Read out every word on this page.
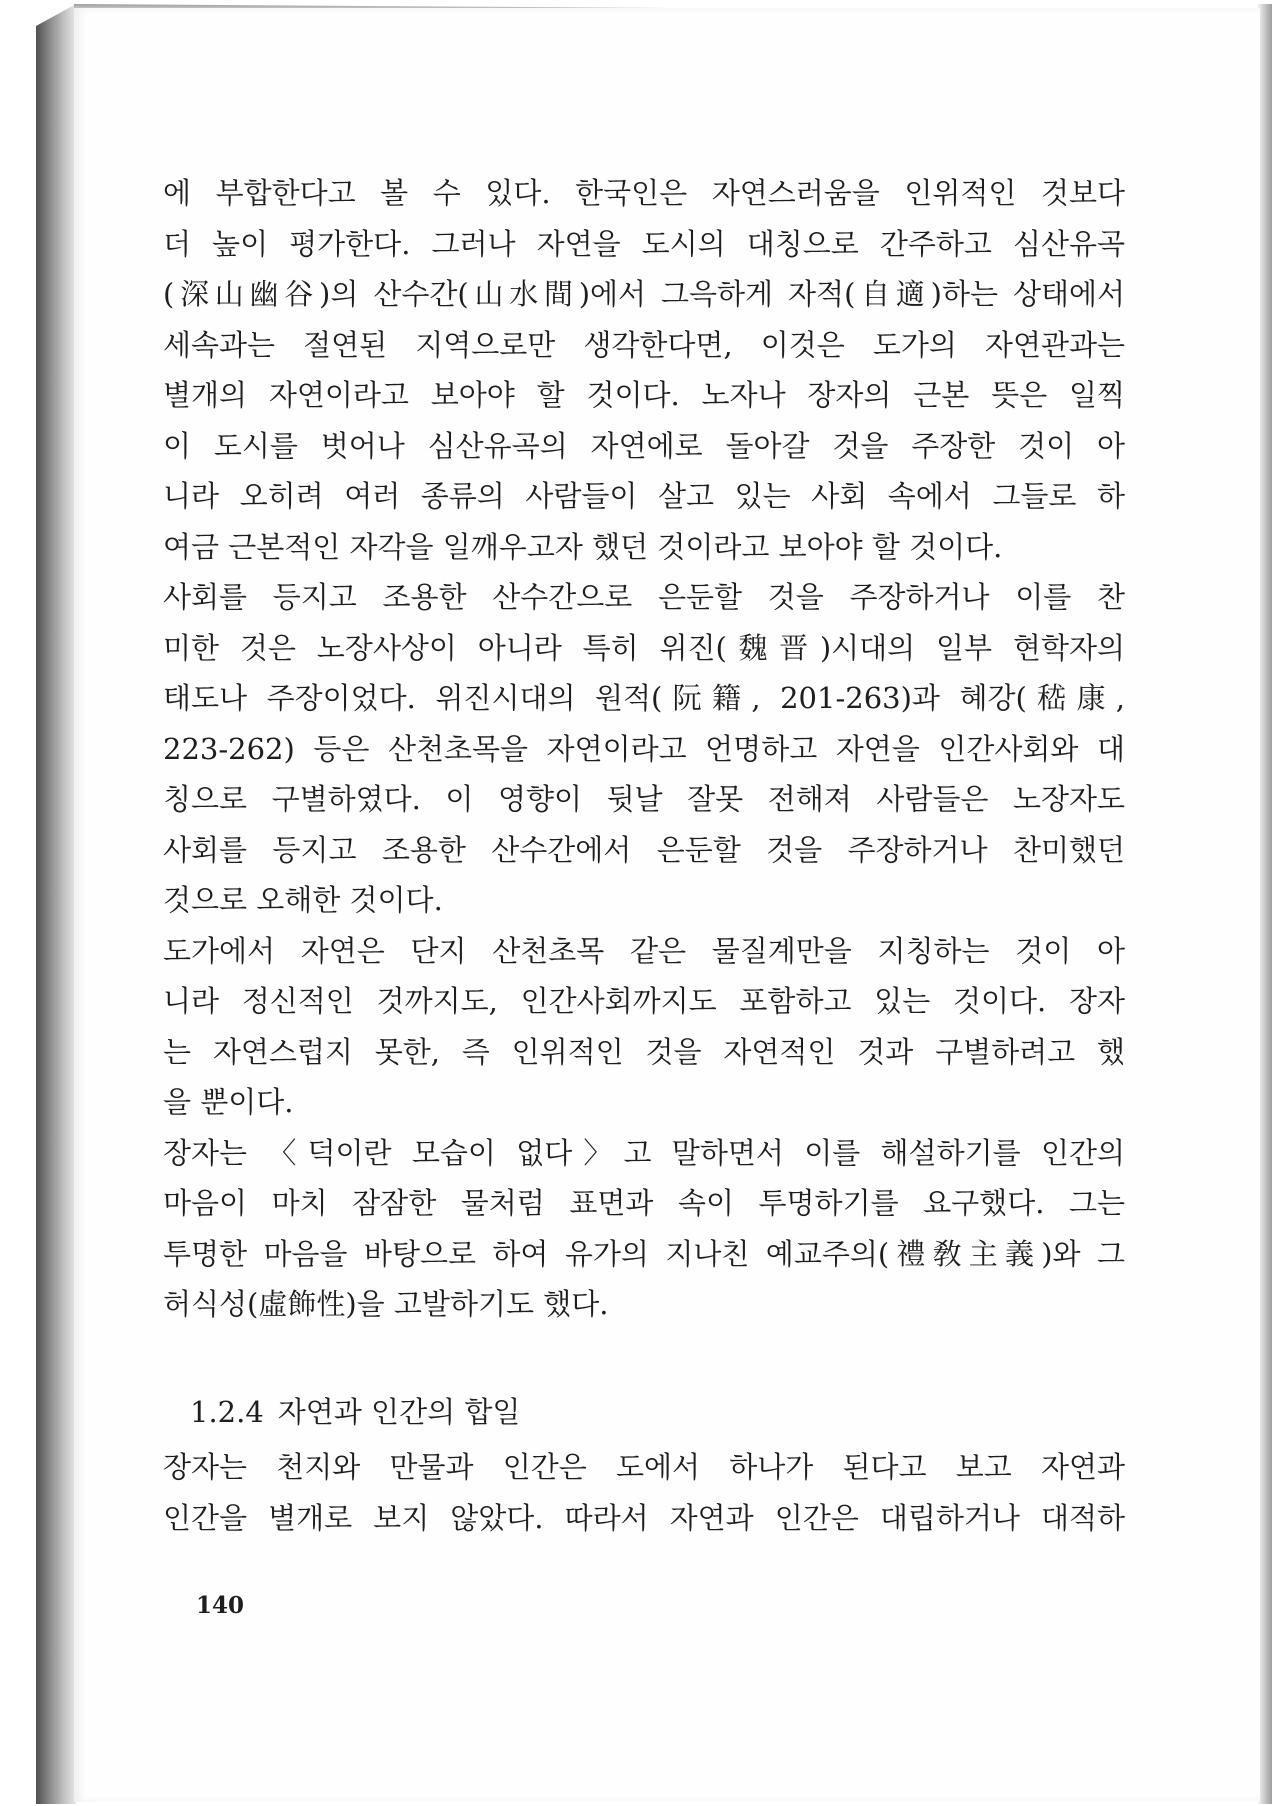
에 부합한다고 볼 수 있다. 한국인은 자연스러움을 인위적인 것보다
더 높이 평가한다. 그러나 자연을 도시의 대칭으로 간주하고 심산유곡
(深山幽谷)의 산수간(山水間)에서 그윽하게 자적(自適)하는 상태에서
세속과는 절연된 지역으로만 생각한다면, 이것은 도가의 자연관과는
별개의 자연이라고 보아야 할 것이다. 노자나 장자의 근본 뜻은 일찍
이 도시를 벗어나 심산유곡의 자연에로 돌아갈 것을 주장한 것이 아
니라 오히려 여러 종류의 사람들이 살고 있는 사회 속에서 그들로 하
여금 근본적인 자각을 일깨우고자 했던 것이라고 보아야 할 것이다.
사회를 등지고 조용한 산수간으로 은둔할 것을 주장하거나 이를 찬
미한 것은 노장사상이 아니라 특히 위진(魏晋)시대의 일부 현학자의
태도나 주장이었다. 위진시대의 원적(阮籍, 201-263)과 혜강(嵇康,
223-262) 등은 산천초목을 자연이라고 언명하고 자연을 인간사회와 대
칭으로 구별하였다. 이 영향이 뒷날 잘못 전해져 사람들은 노장자도
사회를 등지고 조용한 산수간에서 은둔할 것을 주장하거나 찬미했던
것으로 오해한 것이다.
도가에서 자연은 단지 산천초목 같은 물질계만을 지칭하는 것이 아
니라 정신적인 것까지도, 인간사회까지도 포함하고 있는 것이다. 장자
는 자연스럽지 못한, 즉 인위적인 것을 자연적인 것과 구별하려고 했
을 뿐이다.
장자는 〈덕이란 모습이 없다〉고 말하면서 이를 해설하기를 인간의
마음이 마치 잠잠한 물처럼 표면과 속이 투명하기를 요구했다. 그는
투명한 마음을 바탕으로 하여 유가의 지나친 예교주의(禮敎主義)와 그
허식성(虛飾性)을 고발하기도 했다.
1.2.4 자연과 인간의 합일
장자는 천지와 만물과 인간은 도에서 하나가 된다고 보고 자연과
인간을 별개로 보지 않았다. 따라서 자연과 인간은 대립하거나 대적하
140
